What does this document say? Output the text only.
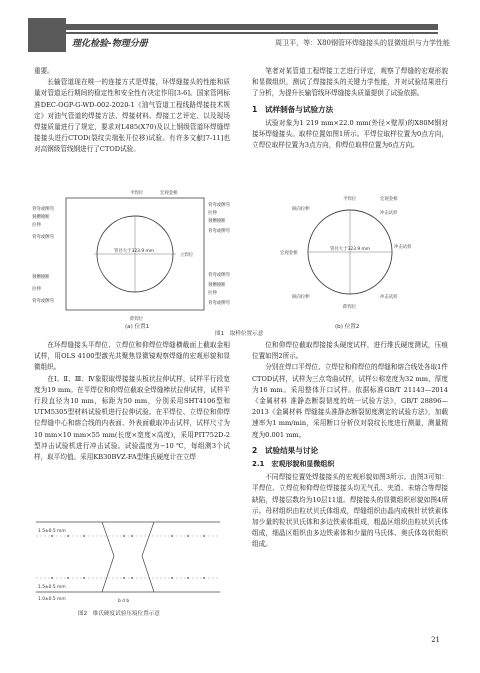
理化检验-物理分册	周卫平，等：X80钢管环焊缝接头的显微组织与力学性能

重要。

长输管道现在唯一的连接方式是焊接，环焊缝接头的性能和质量对管道运行期间的稳定性和安全性有决定作用[3-6]。国家管网标准DEC-OGP-G-WD-002-2020-1《油气管道工程线路焊接技术规定》对油气管道的焊接方法、焊接材料、焊接工艺评定、以及现场焊接质量进行了规定，要求对L485(X70)及以上钢级管道环焊缝焊接接头进行CTOD(裂纹尖端张开位移)试验。有许多文献[7-11]也对高钢级管线钢进行了CTOD试验。

笔者对某管道工程焊接工艺进行评定，观察了焊缝的宏观形貌和显微组织，测试了焊接接头的关键力学性能，并对试验结果进行了分析，为提升长输管线环焊缝接头质量提供了试验依据。

1　试样制备与试验方法

试验对象为1 219 mm×22.0 mm(外径×壁厚)的X80M钢对接环焊缝接头。取样位置如图1所示。平焊位取样位置为0点方向，立焊位取样位置为3点方向，仰焊位取样位置为6点方向。

平焊位
仰焊位
立焊位
管径大于323.9 mm
背弯或侧弯
刻槽锤断
拉伸
背弯或侧弯
刻槽锤断
拉伸
背弯或侧弯
宏观金相
背弯或侧弯
拉伸
刻槽锤断
背弯或侧弯
背弯或侧弯
刻槽锤断
拉伸
背弯或侧弯
(a) 位置1
平焊位
仰焊位
宏观金相
冲击试样
管径大于323.9 mm
纵向拉伸
冲击试样
宏观金相
纵向拉伸	冲击试样
(b) 位置2
图1　取样位置示意

在环焊缝接头平焊位、立焊位和仰焊位焊缝横截面上截取金相试样，用OLS 4100型激光共聚焦显微镜观察焊缝的宏观形貌和显微组织。

在Ⅰ、Ⅱ、Ⅲ、Ⅳ象限取焊接接头板状拉伸试样，试样平行段宽度为19 mm。在平焊位和仰焊位截取全焊缝棒状拉伸试样，试样平行段直径为10 mm，标距为50 mm，分别采用SHT4106型和UTM5305型材料试验机进行拉伸试验。在平焊位、立焊位和仰焊位焊缝中心和熔合线的内表面、外表面截取冲击试样，试样尺寸为10 mm×10 mm×55 mm(长度×宽度×高度)，采用PIT752D-2型冲击试验机进行冲击试验。试验温度为−10 ℃，每组测3个试样，取平均值。采用KB30BVZ-FA型维氏硬度计在立焊

1.5±0.5 mm
1.5±0.5 mm
1.0±0.5 mm	b d b
图2　维氏硬度试验压痕位置示意

位和仰焊位截取焊接接头硬度试样，进行维氏硬度测试，压痕位置如图2所示。

分别在焊口平焊位、立焊位和仰焊位的焊缝和熔合线处各取1件CTOD试样，试样为三点弯曲试样，试样公称宽度为32 mm，厚度为16 mm。采用整体开口试样。依据标准GB/T 21143—2014《金属材料 准静态断裂韧度的统一试验方法》，GB/T 28896—2013《金属材料 焊缝接头准静态断裂韧度测定的试验方法》，加载速率为1 mm/min，采用断口分析仪对裂纹长度进行测量，测量精度为0.001 mm。

2　试验结果与讨论
2.1　宏观形貌和显微组织

不同焊接位置处焊接接头的宏观形貌如图3所示。由图3可知：平焊位、立焊位和仰焊位焊接接头均无气孔、夹渣、未熔合等焊接缺陷，焊接层数均为10层11道。焊接接头的显微组织形貌如图4所示。母材组织由粒状贝氏体组成，焊缝组织由晶内成核针状铁素体加少量的粒状贝氏体和多边铁素体组成，粗晶区组织由粒状贝氏体组成，细晶区组织由多边铁素体和少量的马氏体、奥氏体岛状组织组成。

21
